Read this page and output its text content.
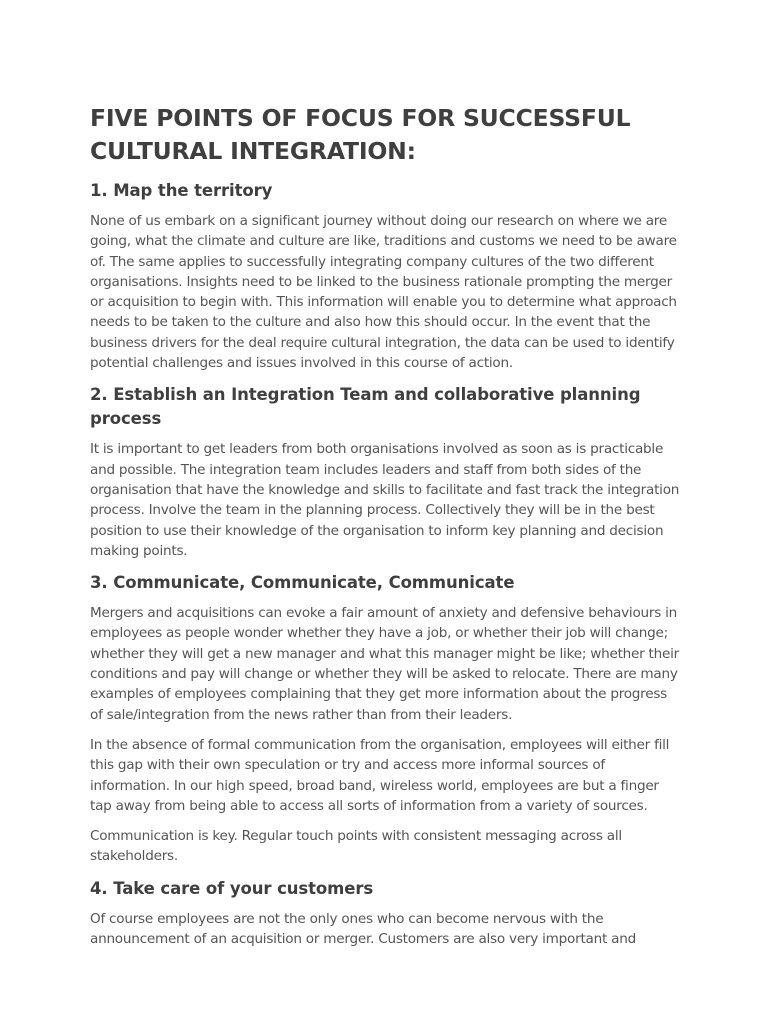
FIVE POINTS OF FOCUS FOR SUCCESSFUL CULTURAL INTEGRATION:
1. Map the territory

None of us embark on a significant journey without doing our research on where we are going, what the climate and culture are like, traditions and customs we need to be aware of. The same applies to successfully integrating company cultures of the two different organisations. Insights need to be linked to the business rationale prompting the merger or acquisition to begin with. This information will enable you to determine what approach needs to be taken to the culture and also how this should occur. In the event that the business drivers for the deal require cultural integration, the data can be used to identify potential challenges and issues involved in this course of action.

2. Establish an Integration Team and collaborative planning process

It is important to get leaders from both organisations involved as soon as is practicable and possible. The integration team includes leaders and staff from both sides of the organisation that have the knowledge and skills to facilitate and fast track the integration process. Involve the team in the planning process. Collectively they will be in the best position to use their knowledge of the organisation to inform key planning and decision making points.

3. Communicate, Communicate, Communicate

Mergers and acquisitions can evoke a fair amount of anxiety and defensive behaviours in employees as people wonder whether they have a job, or whether their job will change; whether they will get a new manager and what this manager might be like; whether their conditions and pay will change or whether they will be asked to relocate. There are many examples of employees complaining that they get more information about the progress of sale/integration from the news rather than from their leaders.

In the absence of formal communication from the organisation, employees will either fill this gap with their own speculation or try and access more informal sources of information. In our high speed, broad band, wireless world, employees are but a finger tap away from being able to access all sorts of information from a variety of sources.

Communication is key. Regular touch points with consistent messaging across all stakeholders.

4. Take care of your customers

Of course employees are not the only ones who can become nervous with the announcement of an acquisition or merger. Customers are also very important and
